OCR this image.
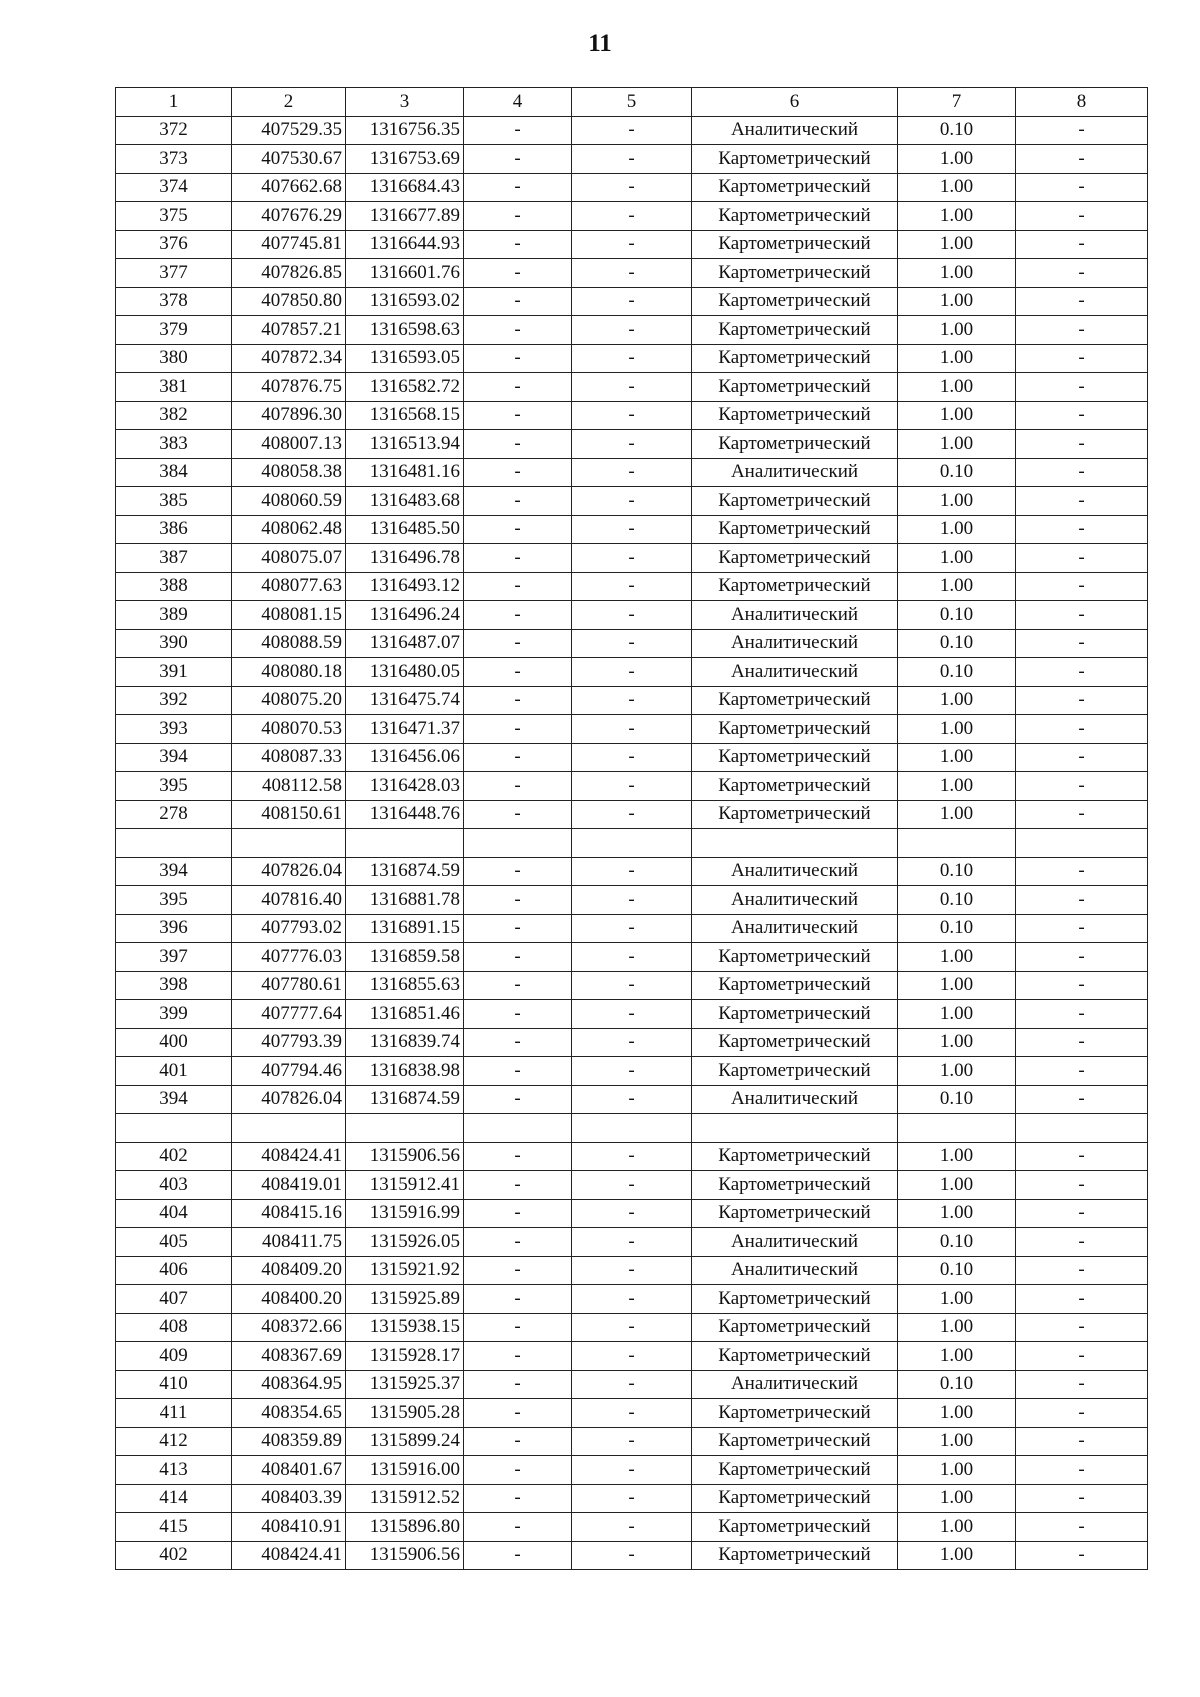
11
1	2	3	4	5	6	7	8
372	407529.35	1316756.35	-	-	Аналитический	0.10	-
373	407530.67	1316753.69	-	-	Картометрический	1.00	-
374	407662.68	1316684.43	-	-	Картометрический	1.00	-
375	407676.29	1316677.89	-	-	Картометрический	1.00	-
376	407745.81	1316644.93	-	-	Картометрический	1.00	-
377	407826.85	1316601.76	-	-	Картометрический	1.00	-
378	407850.80	1316593.02	-	-	Картометрический	1.00	-
379	407857.21	1316598.63	-	-	Картометрический	1.00	-
380	407872.34	1316593.05	-	-	Картометрический	1.00	-
381	407876.75	1316582.72	-	-	Картометрический	1.00	-
382	407896.30	1316568.15	-	-	Картометрический	1.00	-
383	408007.13	1316513.94	-	-	Картометрический	1.00	-
384	408058.38	1316481.16	-	-	Аналитический	0.10	-
385	408060.59	1316483.68	-	-	Картометрический	1.00	-
386	408062.48	1316485.50	-	-	Картометрический	1.00	-
387	408075.07	1316496.78	-	-	Картометрический	1.00	-
388	408077.63	1316493.12	-	-	Картометрический	1.00	-
389	408081.15	1316496.24	-	-	Аналитический	0.10	-
390	408088.59	1316487.07	-	-	Аналитический	0.10	-
391	408080.18	1316480.05	-	-	Аналитический	0.10	-
392	408075.20	1316475.74	-	-	Картометрический	1.00	-
393	408070.53	1316471.37	-	-	Картометрический	1.00	-
394	408087.33	1316456.06	-	-	Картометрический	1.00	-
395	408112.58	1316428.03	-	-	Картометрический	1.00	-
278	408150.61	1316448.76	-	-	Картометрический	1.00	-

394	407826.04	1316874.59	-	-	Аналитический	0.10	-
395	407816.40	1316881.78	-	-	Аналитический	0.10	-
396	407793.02	1316891.15	-	-	Аналитический	0.10	-
397	407776.03	1316859.58	-	-	Картометрический	1.00	-
398	407780.61	1316855.63	-	-	Картометрический	1.00	-
399	407777.64	1316851.46	-	-	Картометрический	1.00	-
400	407793.39	1316839.74	-	-	Картометрический	1.00	-
401	407794.46	1316838.98	-	-	Картометрический	1.00	-
394	407826.04	1316874.59	-	-	Аналитический	0.10	-

402	408424.41	1315906.56	-	-	Картометрический	1.00	-
403	408419.01	1315912.41	-	-	Картометрический	1.00	-
404	408415.16	1315916.99	-	-	Картометрический	1.00	-
405	408411.75	1315926.05	-	-	Аналитический	0.10	-
406	408409.20	1315921.92	-	-	Аналитический	0.10	-
407	408400.20	1315925.89	-	-	Картометрический	1.00	-
408	408372.66	1315938.15	-	-	Картометрический	1.00	-
409	408367.69	1315928.17	-	-	Картометрический	1.00	-
410	408364.95	1315925.37	-	-	Аналитический	0.10	-
411	408354.65	1315905.28	-	-	Картометрический	1.00	-
412	408359.89	1315899.24	-	-	Картометрический	1.00	-
413	408401.67	1315916.00	-	-	Картометрический	1.00	-
414	408403.39	1315912.52	-	-	Картометрический	1.00	-
415	408410.91	1315896.80	-	-	Картометрический	1.00	-
402	408424.41	1315906.56	-	-	Картометрический	1.00	-
